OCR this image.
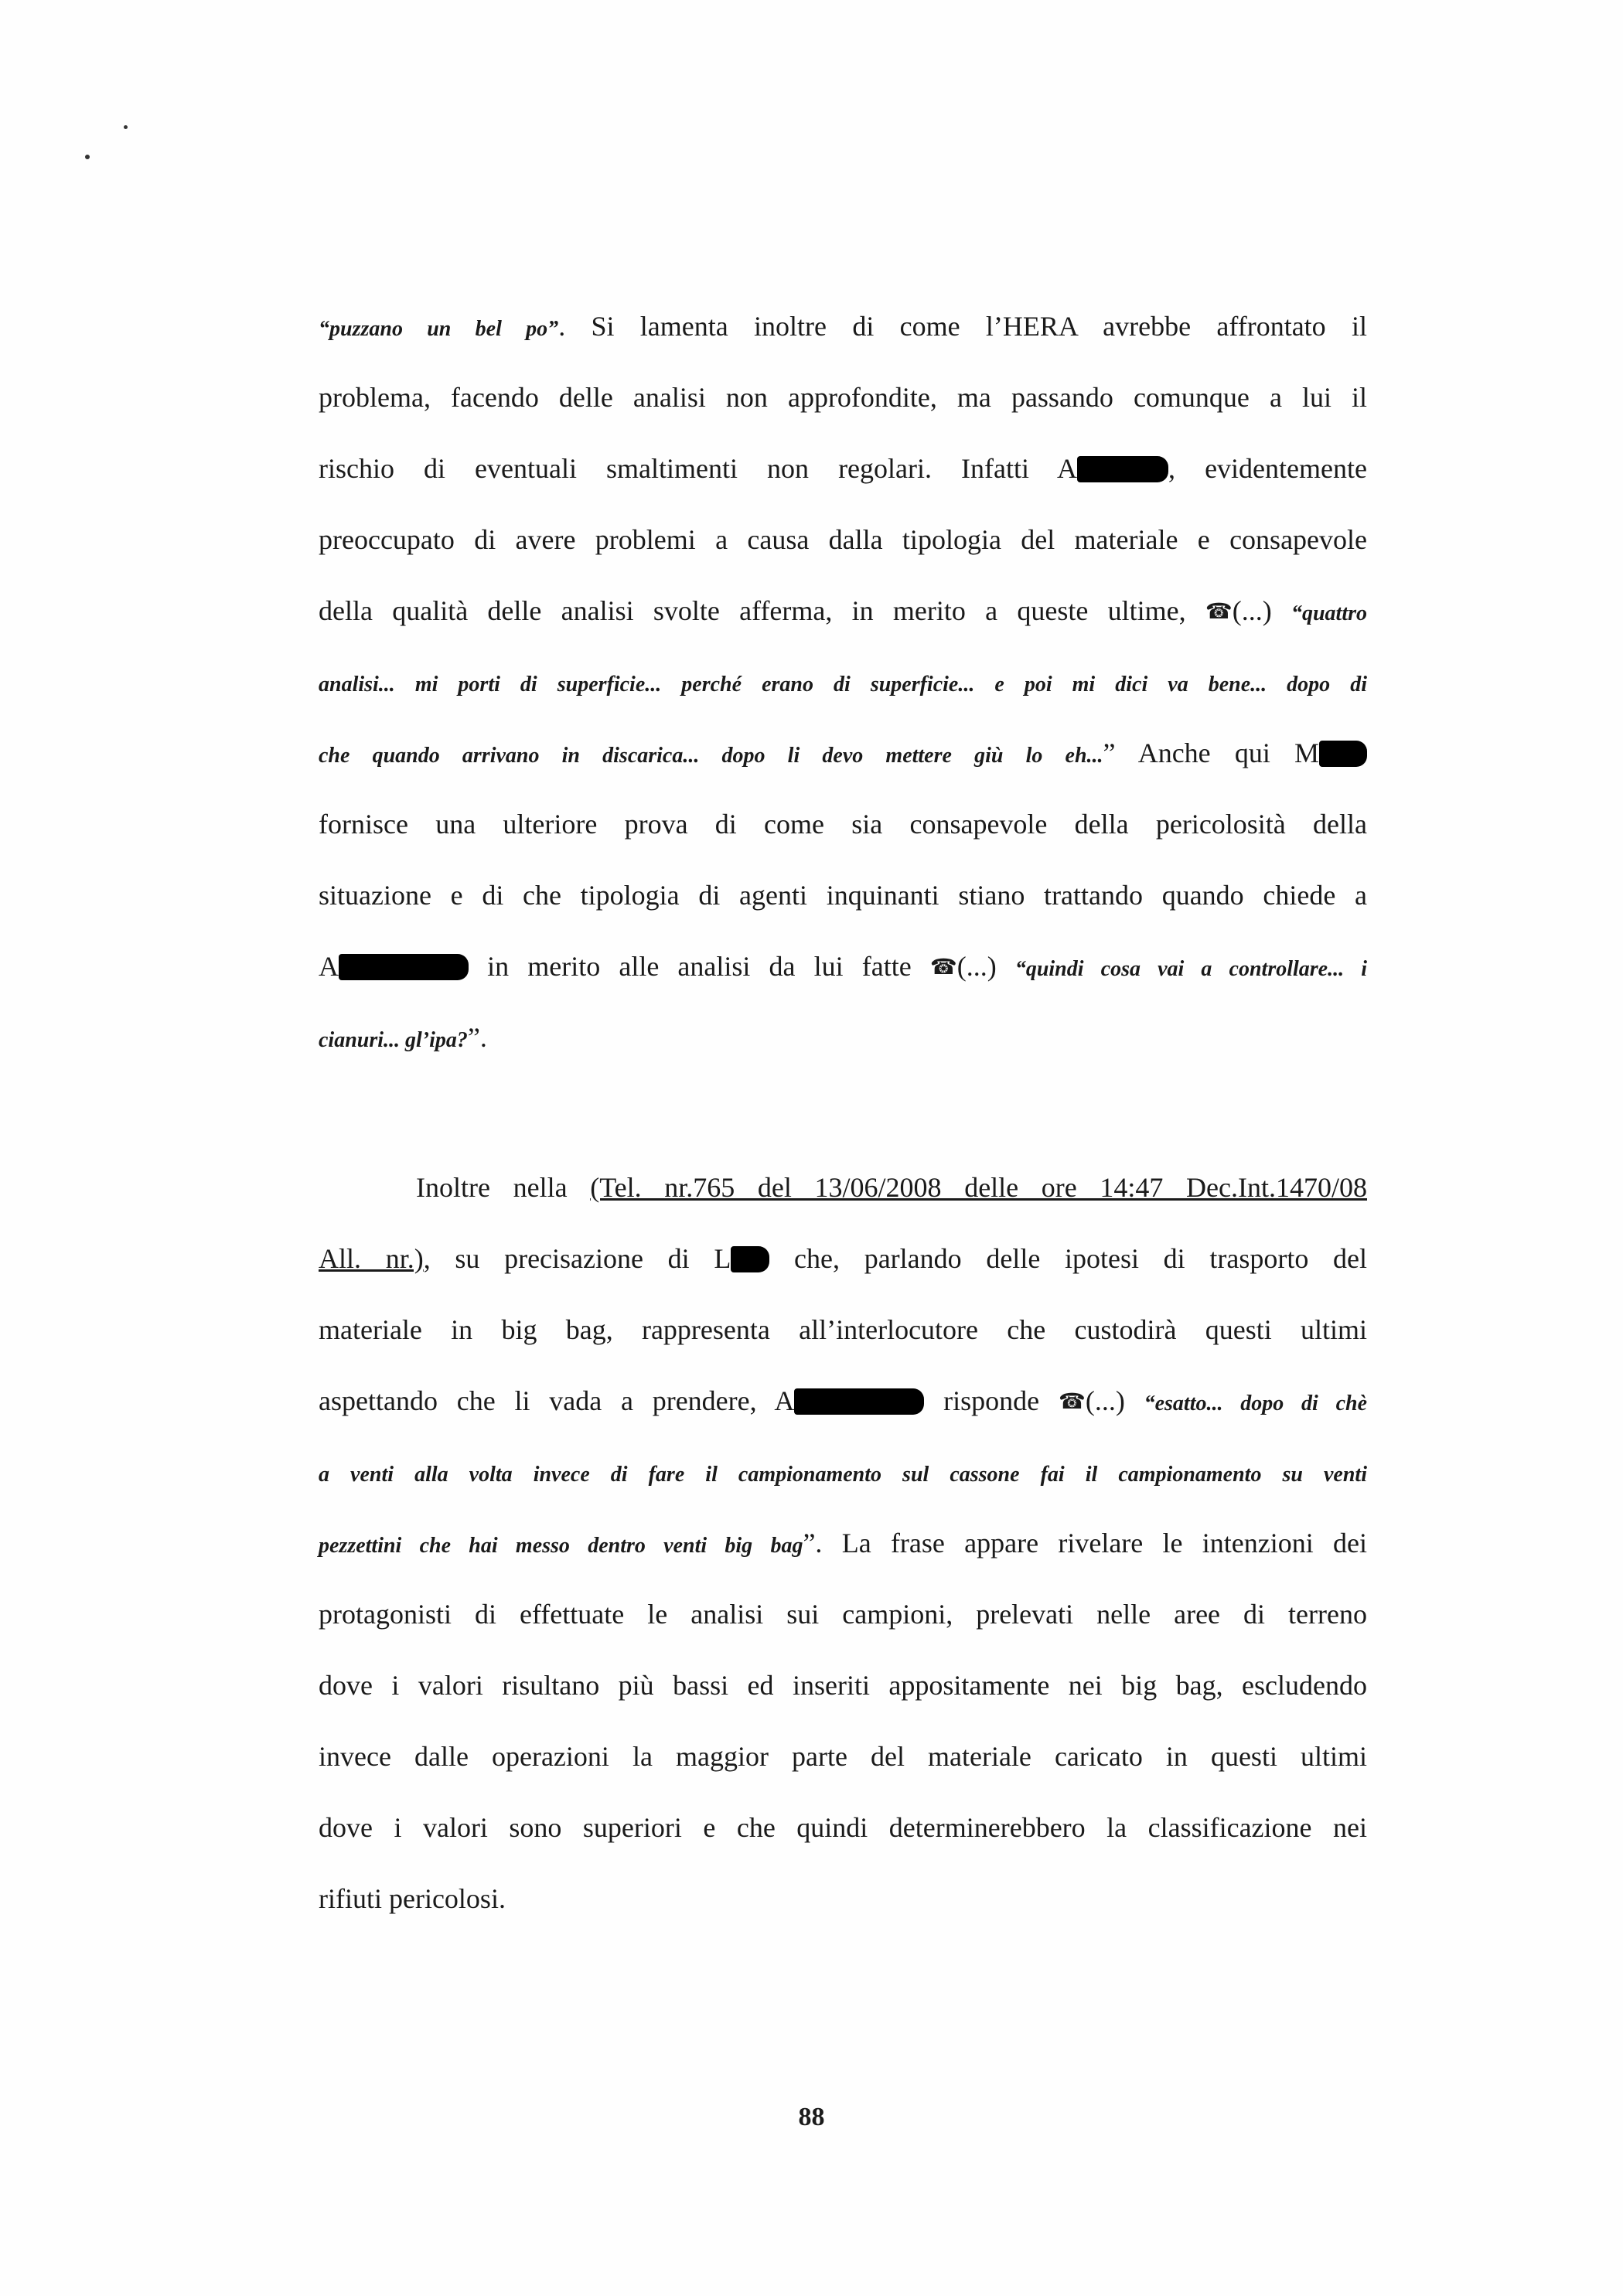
“puzzano un bel po”. Si lamenta inoltre di come l’HERA avrebbe affrontato il
problema, facendo delle analisi non approfondite, ma passando comunque a lui il
rischio di eventuali smaltimenti non regolari. Infatti A	, evidentemente
preoccupato di avere problemi a causa dalla tipologia del materiale e consapevole
della qualità delle analisi svolte afferma, in merito a queste ultime, ☎(...) “quattro
analisi... mi porti di superficie... perché erano di superficie... e poi mi dici va bene... dopo di
che quando arrivano in discarica... dopo li devo mettere giù lo eh...” Anche qui M
fornisce una ulteriore prova di come sia consapevole della pericolosità della
situazione e di che tipologia di agenti inquinanti stiano trattando quando chiede a
A	in merito alle analisi da lui fatte ☎(...) “quindi cosa vai a controllare... i
cianuri... gl’ipa?”.
Inoltre nella (Tel. nr.765 del 13/06/2008 delle ore 14:47 Dec.Int.1470/08
All. nr.), su precisazione di L che, parlando delle ipotesi di trasporto del
materiale in big bag, rappresenta all’interlocutore che custodirà questi ultimi
aspettando che li vada a prendere, A	risponde ☎(...) “esatto... dopo di chè
a venti alla volta invece di fare il campionamento sul cassone fai il campionamento su venti
pezzettini che hai messo dentro venti big bag”. La frase appare rivelare le intenzioni dei
protagonisti di effettuate le analisi sui campioni, prelevati nelle aree di terreno
dove i valori risultano più bassi ed inseriti appositamente nei big bag, escludendo
invece dalle operazioni la maggior parte del materiale caricato in questi ultimi
dove i valori sono superiori e che quindi determinerebbero la classificazione nei
rifiuti pericolosi.
88
